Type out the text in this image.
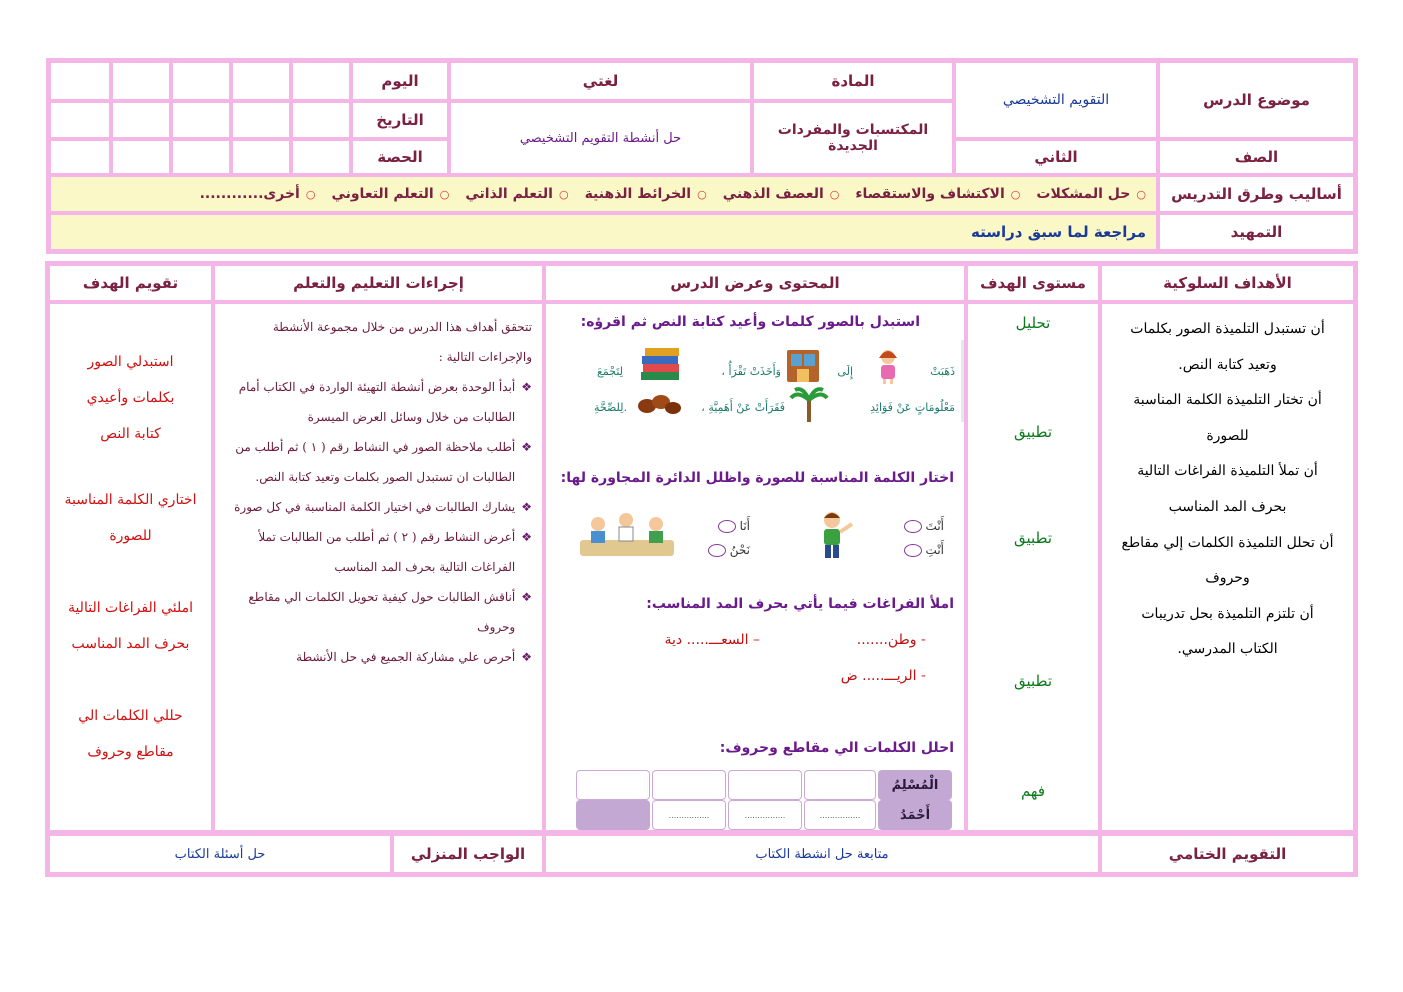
موضوع الدرس
التقويم التشخيصي
المادة
لغتي
اليوم
المكتسبات والمفردات الجديدة
حل أنشطة التقويم التشخيصي
التاريخ
الصف
الثاني
الحصة
أساليب وطرق التدريس
○
حل المشكلات
○
الاكتشاف والاستقصاء
○
العصف الذهني
○
الخرائط الذهنية
○
التعلم الذاتي
○
التعلم التعاوني
○
أخرى............
التمهيد
مراجعة لما سبق دراسته
الأهداف السلوكية
مستوى الهدف
المحتوى وعرض الدرس
إجراءات التعليم والتعلم
تقويم الهدف
أن تستبدل التلميذة الصور بكلمات
وتعيد كتابة النص.
أن تختار التلميذة الكلمة المناسبة
للصورة
أن تملأ التلميذة الفراغات التالية
بحرف المد المناسب
أن تحلل التلميذة الكلمات إلي مقاطع
وحروف
أن تلتزم التلميذة بحل تدريبات
الكتاب المدرسي.
تحليل
تطبيق
تطبيق
تطبيق
فهم
استبدل بالصور كلمات وأعيد كتابة النص ثم اقرؤه:
ذَهَبَتْ
إِلَى
، وَأَخَذَتْ تَقْرَأُ
لِتَجْمَعَ
مَعْلُومَاتٍ عَنْ فَوَائِدِ
، فَقَرَأَتْ عَنْ أَهَمِيَّةِ
لِلصِّحَّةِ.
اختار الكلمة المناسبة للصورة واظلل الدائرة المجاورة لها:
أَنْتَ
أَنْتِ
أَنَا
نَحْنُ
املأ الفراغات فيما يأتي بحرف المد المناسب:
- وطن.......
– السعـــ..... دية
- الريـــ..... ض
احلل الكلمات الي مقاطع وحروف:
الْمُسْلِمُ
أَحْمَدُ
................
................
................
تتحقق أهداف هذا الدرس من خلال مجموعة الأنشطة والإجراءات التالية :
❖
أبدأ الوحدة بعرض أنشطة التهيئة الواردة في الكتاب أمام الطالبات من خلال وسائل العرض الميسرة
❖
أطلب ملاحظة الصور في النشاط رقم ( ١ ) ثم أطلب من الطالبات ان تستبدل الصور بكلمات وتعيد كتابة النص.
❖
يشارك الطالبات في اختيار الكلمة المناسبة في كل صورة
❖
أعرض النشاط رقم ( ٢ ) ثم أطلب من الطالبات تملأ الفراغات التالية بحرف المد المناسب
❖
أناقش الطالبات حول كيفية تحويل الكلمات الي مقاطع وحروف
❖
أحرص علي مشاركة الجميع في حل الأنشطة
استبدلي الصور
بكلمات وأعيدي
كتابة النص
اختاري الكلمة المناسبة
للصورة
املئي الفراغات التالية
بحرف المد المناسب
حللي الكلمات الي
مقاطع وحروف
التقويم الختامي
متابعة حل انشطة الكتاب
الواجب المنزلي
حل أسئلة الكتاب
